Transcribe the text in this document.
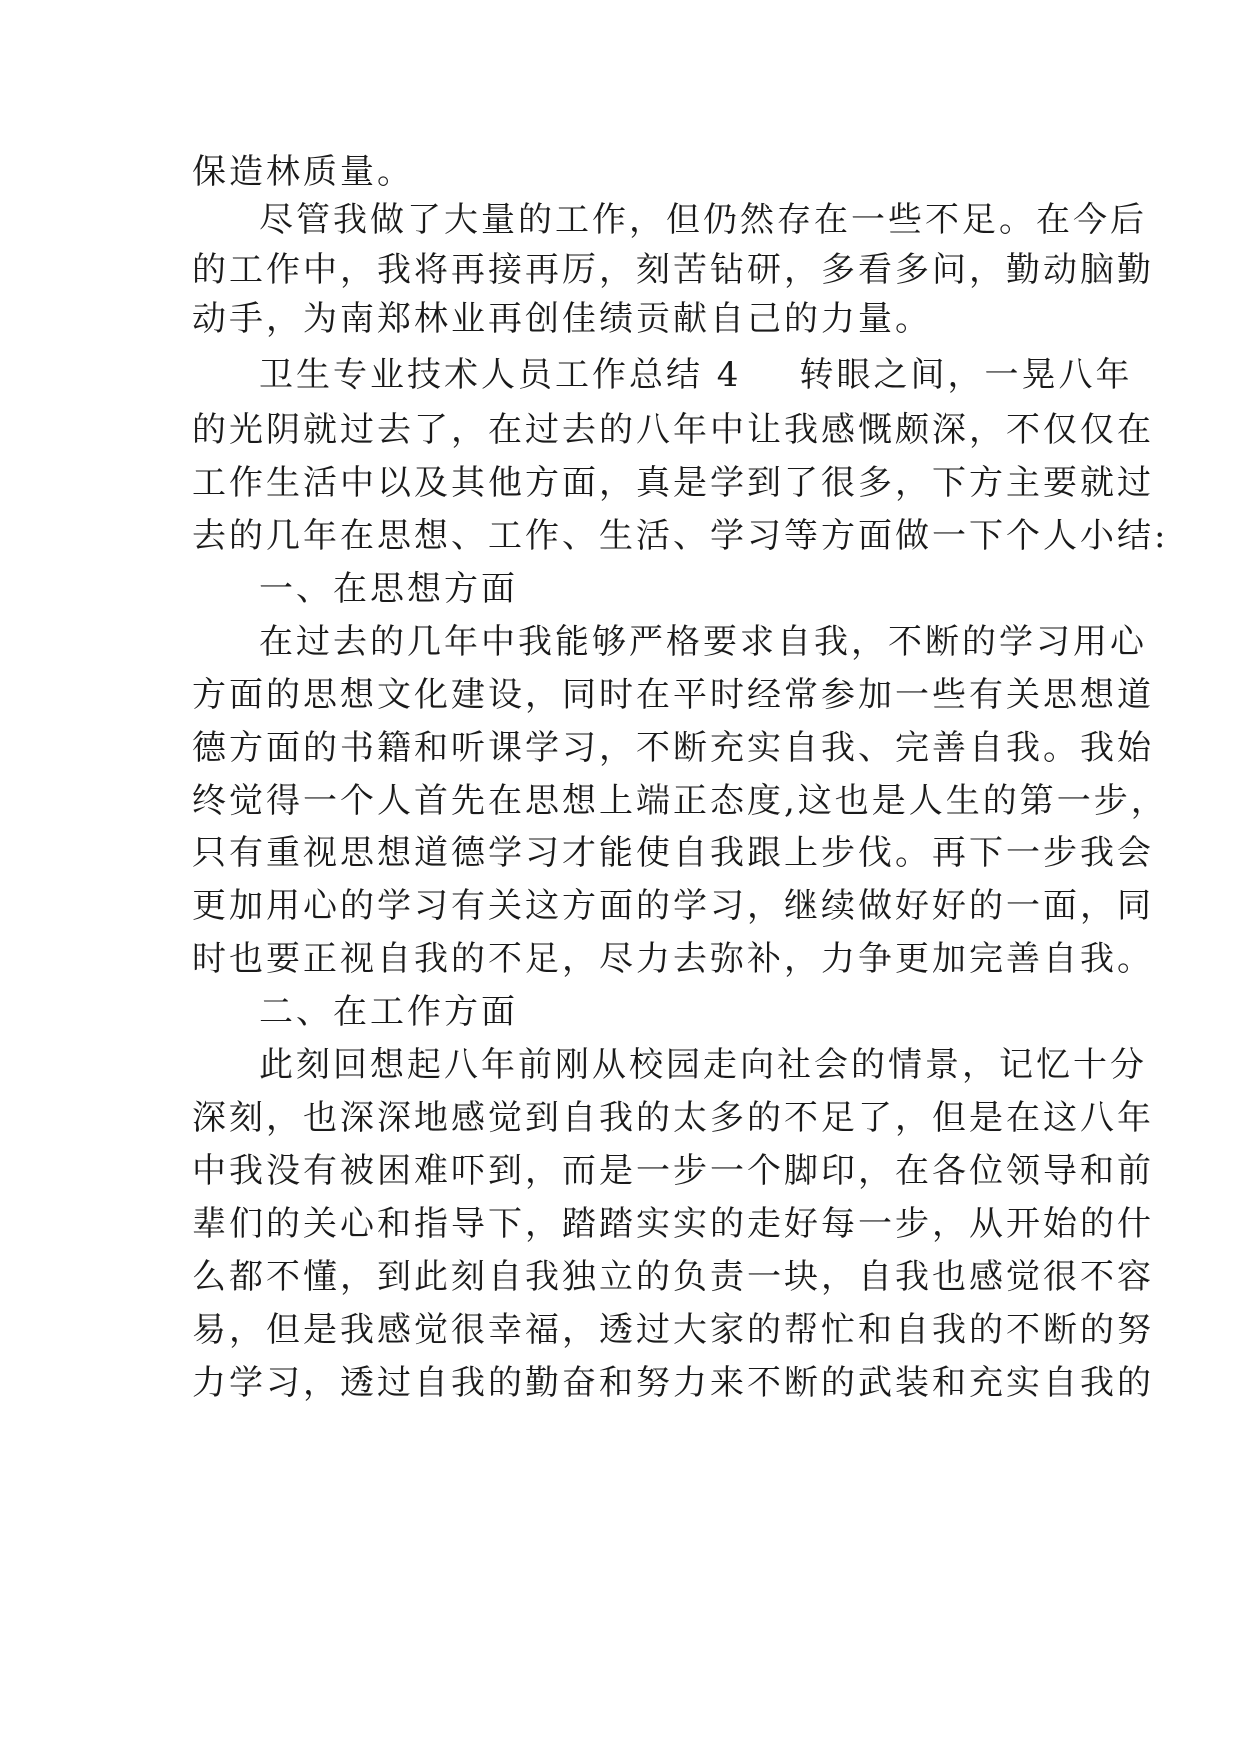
保造林质量。
尽管我做了大量的工作，但仍然存在一些不足。在今后
的工作中，我将再接再厉，刻苦钻研，多看多问，勤动脑勤
动手，为南郑林业再创佳绩贡献自己的力量。
卫生专业技术人员工作总结 4 转眼之间，一晃八年
的光阴就过去了，在过去的八年中让我感慨颇深，不仅仅在
工作生活中以及其他方面，真是学到了很多，下方主要就过
去的几年在思想、工作、生活、学习等方面做一下个人小结:
一、在思想方面
在过去的几年中我能够严格要求自我，不断的学习用心
方面的思想文化建设，同时在平时经常参加一些有关思想道
德方面的书籍和听课学习，不断充实自我、完善自我。我始
终觉得一个人首先在思想上端正态度,这也是人生的第一步，
只有重视思想道德学习才能使自我跟上步伐。再下一步我会
更加用心的学习有关这方面的学习，继续做好好的一面，同
时也要正视自我的不足，尽力去弥补，力争更加完善自我。
二、在工作方面
此刻回想起八年前刚从校园走向社会的情景，记忆十分
深刻，也深深地感觉到自我的太多的不足了，但是在这八年
中我没有被困难吓到，而是一步一个脚印，在各位领导和前
辈们的关心和指导下，踏踏实实的走好每一步，从开始的什
么都不懂，到此刻自我独立的负责一块，自我也感觉很不容
易，但是我感觉很幸福，透过大家的帮忙和自我的不断的努
力学习，透过自我的勤奋和努力来不断的武装和充实自我的
